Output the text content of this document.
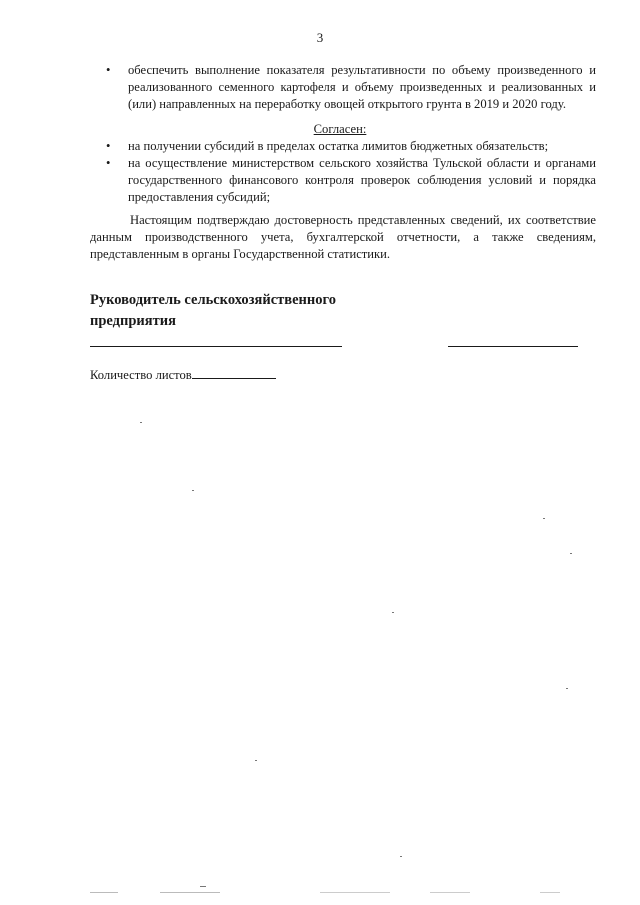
3
•	обеспечить выполнение показателя результативности по объему произведенного и реализованного семенного картофеля и объему произведенных и реализованных и (или) направленных на переработку овощей открытого грунта в 2019 и 2020 году.
Согласен:
•	на получении субсидий в пределах остатка лимитов бюджетных обязательств;
•	на осуществление министерством сельского хозяйства Тульской области и органами государственного финансового контроля проверок соблюдения условий и порядка предоставления субсидий;
Настоящим подтверждаю достоверность представленных сведений, их соответствие данным производственного учета, бухгалтерской отчетности, а также сведениям, представленным в органы Государственной статистики.
Руководитель сельскохозяйственного
предприятия
Количество листов
